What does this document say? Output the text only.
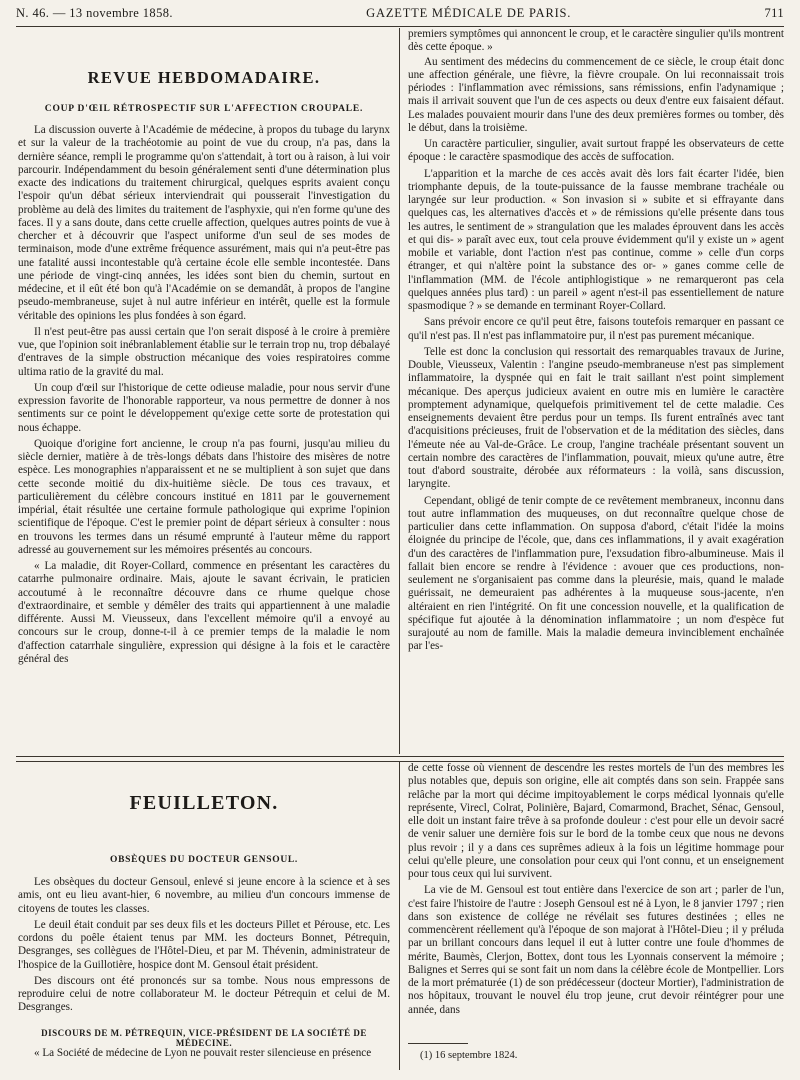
N. 46. — 13 novembre 1858.	GAZETTE MÉDICALE DE PARIS.	711
REVUE HEBDOMADAIRE.
COUP D'ŒIL RÉTROSPECTIF SUR L'AFFECTION CROUPALE.

La discussion ouverte à l'Académie de médecine, à propos du tubage du larynx et sur la valeur de la trachéotomie au point de vue du croup, n'a pas, dans la dernière séance, rempli le programme qu'on s'attendait, à tort ou à raison, à lui voir parcourir. Indépendamment du besoin généralement senti d'une détermination plus exacte des indications du traitement chirurgical, quelques esprits avaient conçu l'espoir qu'un débat sérieux interviendrait qui pousserait l'investigation du problème au delà des limites du traitement de l'asphyxie, qui n'en forme qu'une des faces. Il y a sans doute, dans cette cruelle affection, quelques autres points de vue à chercher et à découvrir que l'aspect uniforme d'un seul de ses modes de terminaison, mode d'une extrême fréquence assurément, mais qui n'a peut-être pas une fatalité aussi incontestable qu'à certaine école elle semble incontestée. Dans une période de vingt-cinq années, les idées sont bien du chemin, surtout en médecine, et il eût été bon qu'à l'Académie on se demandât, à propos de l'angine pseudo-membraneuse, sujet à nul autre inférieur en intérêt, quelle est la formule véritable des opinions les plus fondées à son égard.

Il n'est peut-être pas aussi certain que l'on serait disposé à le croire à première vue, que l'opinion soit inébranlablement établie sur le terrain trop nu, trop débalayé d'entraves de la simple obstruction mécanique des voies respiratoires comme ultima ratio de la gravité du mal.

Un coup d'œil sur l'historique de cette odieuse maladie, pour nous servir d'une expression favorite de l'honorable rapporteur, va nous permettre de donner à nos sentiments sur ce point le développement qu'exige cette sorte de protestation qui nous échappe.

Quoique d'origine fort ancienne, le croup n'a pas fourni, jusqu'au milieu du siècle dernier, matière à de très-longs débats dans l'histoire des misères de notre espèce. Les monographies n'apparaissent et ne se multiplient à son sujet que dans cette seconde moitié du dix-huitième siècle. De tous ces travaux, et particulièrement du célèbre concours institué en 1811 par le gouvernement impérial, était résultée une certaine formule pathologique qui exprime l'opinion scientifique de l'époque. C'est le premier point de départ sérieux à consulter : nous en trouvons les termes dans un résumé emprunté à l'auteur même du rapport adressé au gouvernement sur les mémoires présentés au concours.

« La maladie, dit Royer-Collard, commence en présentant les caractères du catarrhe pulmonaire ordinaire. Mais, ajoute le savant écrivain, le praticien accoutumé à le reconnaître découvre dans ce rhume quelque chose d'extraordinaire, et semble y démêler des traits qui appartiennent à une maladie différente. Aussi M. Vieusseux, dans l'excellent mémoire qu'il a envoyé au concours sur le croup, donne-t-il à ce premier temps de la maladie le nom d'affection catarrhale singulière, expression qui désigne à la fois et le caractère général des

premiers symptômes qui annoncent le croup, et le caractère singulier qu'ils montrent dès cette époque. »

Au sentiment des médecins du commencement de ce siècle, le croup était donc une affection générale, une fièvre, la fièvre croupale. On lui reconnaissait trois périodes : l'inflammation avec rémissions, sans rémissions, enfin l'adynamique ; mais il arrivait souvent que l'un de ces aspects ou deux d'entre eux faisaient défaut. Les malades pouvaient mourir dans l'une des deux premières formes ou tomber, dès le début, dans la troisième.

Un caractère particulier, singulier, avait surtout frappé les observateurs de cette époque : le caractère spasmodique des accès de suffocation.

L'apparition et la marche de ces accès avait dès lors fait écarter l'idée, bien triomphante depuis, de la toute-puissance de la fausse membrane trachéale ou laryngée sur leur production. « Son invasion si » subite et si effrayante dans quelques cas, les alternatives d'accès et » de rémissions qu'elle présente dans tous les autres, le sentiment de » strangulation que les malades éprouvent dans les accès et qui dis- » paraît avec eux, tout cela prouve évidemment qu'il y existe un » agent mobile et variable, dont l'action n'est pas continue, comme » celle d'un corps étranger, et qui n'altère point la substance des or- » ganes comme celle de l'inflammation (MM. de l'école antiphlogistique » ne remarqueront pas cela quelques années plus tard) : un pareil » agent n'est-il pas essentiellement de nature spasmodique ? » se demande en terminant Royer-Collard.

Sans prévoir encore ce qu'il peut être, faisons toutefois remarquer en passant ce qu'il n'est pas. Il n'est pas inflammatoire pur, il n'est pas purement mécanique.

Telle est donc la conclusion qui ressortait des remarquables travaux de Jurine, Double, Vieusseux, Valentin : l'angine pseudo-membraneuse n'est pas simplement inflammatoire, la dyspnée qui en fait le trait saillant n'est point simplement mécanique. Des aperçus judicieux avaient en outre mis en lumière le caractère promptement adynamique, quelquefois primitivement tel de cette maladie. Ces enseignements devaient être perdus pour un temps. Ils furent entraînés avec tant d'acquisitions précieuses, fruit de l'observation et de la méditation des siècles, dans l'émeute née au Val-de-Grâce. Le croup, l'angine trachéale présentant souvent un certain nombre des caractères de l'inflammation, pouvait, mieux qu'une autre, être tout d'abord soustraite, dérobée aux réformateurs : la voilà, sans discussion, laryngite.

Cependant, obligé de tenir compte de ce revêtement membraneux, inconnu dans tout autre inflammation des muqueuses, on dut reconnaître quelque chose de particulier dans cette inflammation. On supposa d'abord, c'était l'idée la moins éloignée du principe de l'école, que, dans ces inflammations, il y avait exagération d'un des caractères de l'inflammation pure, l'exsudation fibro-albumineuse. Mais il fallait bien encore se rendre à l'évidence : avouer que ces productions, non-seulement ne s'organisaient pas comme dans la pleurésie, mais, quand le malade guérissait, ne demeuraient pas adhérentes à la muqueuse sous-jacente, n'en altéraient en rien l'intégrité. On fit une concession nouvelle, et la qualification de spécifique fut ajoutée à la dénomination inflammatoire ; un nom d'espèce fut surajouté au nom de famille. Mais la maladie demeura invinciblement enchaînée par l'es-

FEUILLETON.
OBSÈQUES DU DOCTEUR GENSOUL.

Les obsèques du docteur Gensoul, enlevé si jeune encore à la science et à ses amis, ont eu lieu avant-hier, 6 novembre, au milieu d'un concours immense de citoyens de toutes les classes.

Le deuil était conduit par ses deux fils et les docteurs Pillet et Pérouse, etc. Les cordons du poêle étaient tenus par MM. les docteurs Bonnet, Pétrequin, Desgranges, ses collègues de l'Hôtel-Dieu, et par M. Thévenin, administrateur de l'hospice de la Guillotière, hospice dont M. Gensoul était président.

Des discours ont été prononcés sur sa tombe. Nous nous empressons de reproduire celui de notre collaborateur M. le docteur Pétrequin et celui de M. Desgranges.

DISCOURS DE M. PÉTREQUIN, VICE-PRÉSIDENT DE LA SOCIÉTÉ DE MÉDECINE.

« La Société de médecine de Lyon ne pouvait rester silencieuse en présence

de cette fosse où viennent de descendre les restes mortels de l'un des membres les plus notables que, depuis son origine, elle ait comptés dans son sein. Frappée sans relâche par la mort qui décime impitoyablement le corps médical lyonnais qu'elle représente, Virecl, Colrat, Polinière, Bajard, Comarmond, Brachet, Sénac, Gensoul, elle doit un instant faire trêve à sa profonde douleur : c'est pour elle un devoir sacré de venir saluer une dernière fois sur le bord de la tombe ceux que nous ne devons plus revoir ; il y a dans ces suprêmes adieux à la fois un légitime hommage pour celui qu'elle pleure, une consolation pour ceux qui l'ont connu, et un enseignement pour tous ceux qui lui survivent.

La vie de M. Gensoul est tout entière dans l'exercice de son art ; parler de l'un, c'est faire l'histoire de l'autre : Joseph Gensoul est né à Lyon, le 8 janvier 1797 ; rien dans son existence de collége ne révélait ses futures destinées ; elles ne commencèrent réellement qu'à l'époque de son majorat à l'Hôtel-Dieu ; il y préluda par un brillant concours dans lequel il eut à lutter contre une foule d'hommes de mérite, Baumès, Clerjon, Bottex, dont tous les Lyonnais conservent la mémoire ; Balignes et Serres qui se sont fait un nom dans la célèbre école de Montpellier. Lors de la mort prématurée (1) de son prédécesseur (docteur Mortier), l'administration de nos hôpitaux, trouvant le nouvel élu trop jeune, crut devoir réintégrer pour une année, dans

(1) 16 septembre 1824.
